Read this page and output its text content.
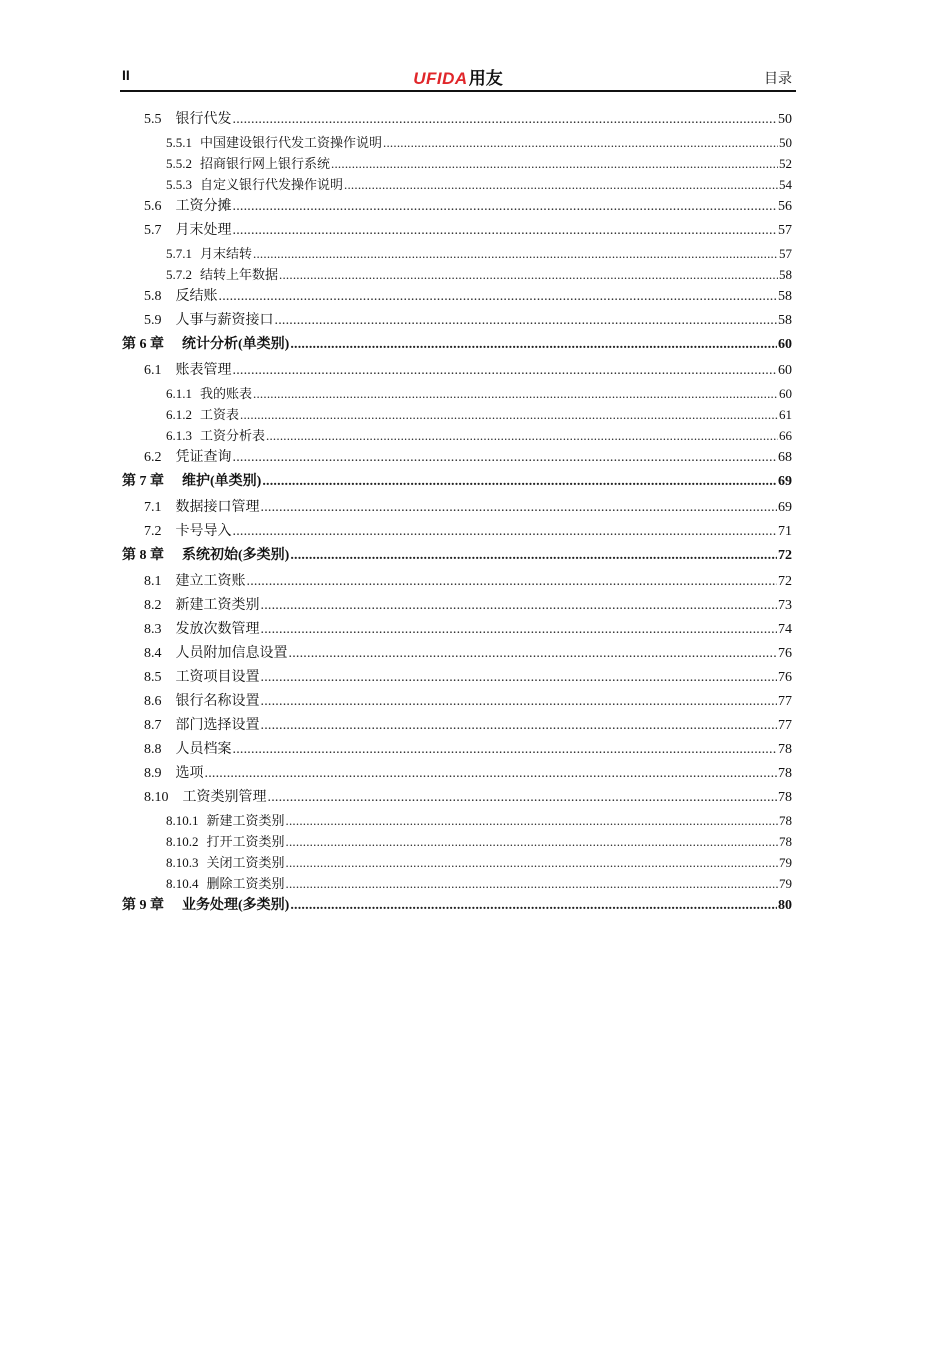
II	UFIDA用友	目录
5.5 银行代发 .....	50
5.5.1 中国建设银行代发工资操作说明 .....	50
5.5.2 招商银行网上银行系统 .....	52
5.5.3 自定义银行代发操作说明 .....	54
5.6 工资分摊 .....	56
5.7 月末处理 .....	57
5.7.1 月末结转 .....	57
5.7.2 结转上年数据 .....	58
5.8 反结账 .....	58
5.9 人事与薪资接口 .....	58
第 6 章 统计分析(单类别) .....	60
6.1 账表管理 .....	60
6.1.1 我的账表 .....	60
6.1.2 工资表 .....	61
6.1.3 工资分析表 .....	66
6.2 凭证查询 .....	68
第 7 章 维护(单类别) .....	69
7.1 数据接口管理 .....	69
7.2 卡号导入 .....	71
第 8 章 系统初始(多类别) .....	72
8.1 建立工资账 .....	72
8.2 新建工资类别 .....	73
8.3 发放次数管理 .....	74
8.4 人员附加信息设置 .....	76
8.5 工资项目设置 .....	76
8.6 银行名称设置 .....	77
8.7 部门选择设置 .....	77
8.8 人员档案 .....	78
8.9 选项 .....	78
8.10 工资类别管理 .....	78
8.10.1 新建工资类别 .....	78
8.10.2 打开工资类别 .....	78
8.10.3 关闭工资类别 .....	79
8.10.4 删除工资类别 .....	79
第 9 章 业务处理(多类别) .....	80
